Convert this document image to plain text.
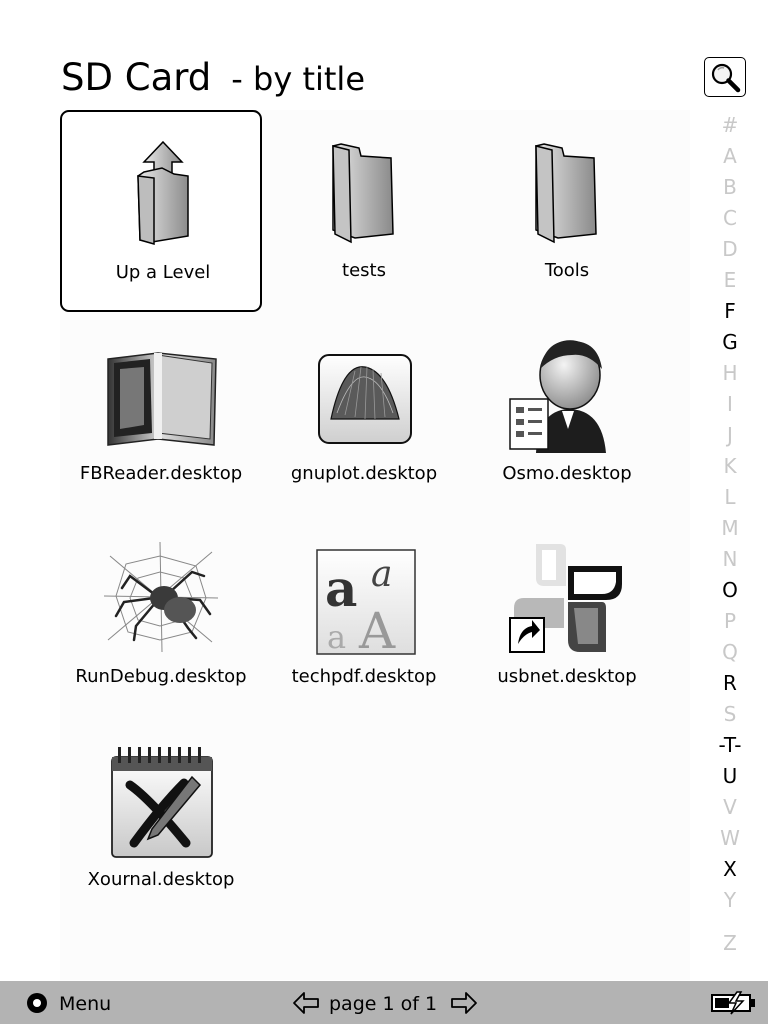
SD Card - by title
Up a Level	tests	Tools
FBReader.desktop	gnuplot.desktop	Osmo.desktop
RunDebug.desktop
a a
a A
techpdf.desktop	usbnet.desktop
Xournal.desktop
#
A
B
C
D
E
F
G
H
I
J
K
L
M
N
O
P
Q
R
S
-T-
U
V
W
X
Y
Z
Menu	page 1 of 1
